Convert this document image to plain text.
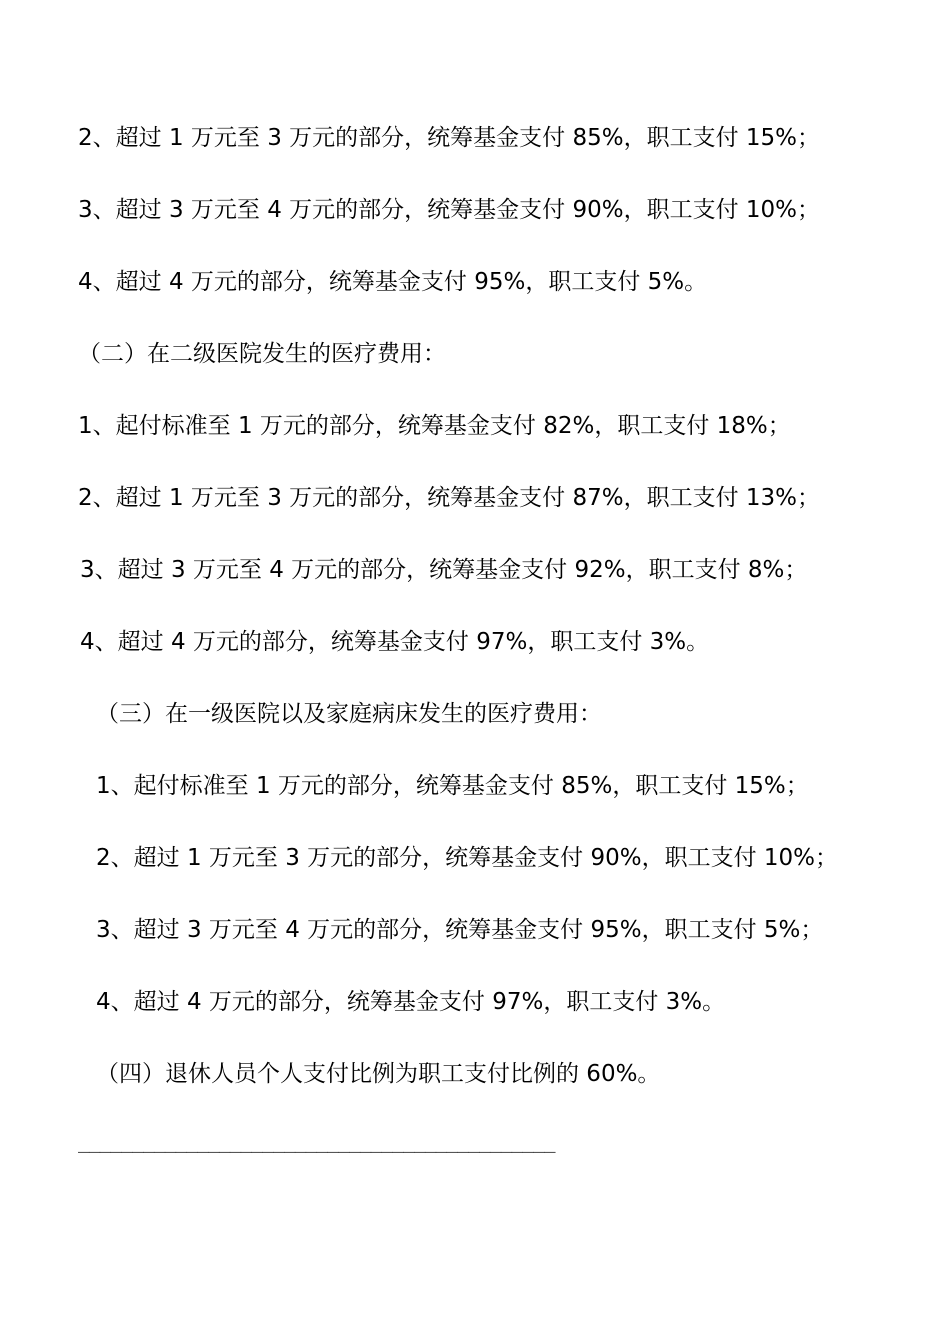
2、超过 1 万元至 3 万元的部分，统筹基金支付 85%，职工支付 15%；
3、超过 3 万元至 4 万元的部分，统筹基金支付 90%，职工支付 10%；
4、超过 4 万元的部分，统筹基金支付 95%，职工支付 5%。
（二）在二级医院发生的医疗费用：
1、起付标准至 1 万元的部分，统筹基金支付 82%，职工支付 18%；
2、超过 1 万元至 3 万元的部分，统筹基金支付 87%，职工支付 13%；
3、超过 3 万元至 4 万元的部分，统筹基金支付 92%，职工支付 8%；
4、超过 4 万元的部分，统筹基金支付 97%，职工支付 3%。
（三）在一级医院以及家庭病床发生的医疗费用：
1、起付标准至 1 万元的部分，统筹基金支付 85%，职工支付 15%；
2、超过 1 万元至 3 万元的部分，统筹基金支付 90%，职工支付 10%；
3、超过 3 万元至 4 万元的部分，统筹基金支付 95%，职工支付 5%；
4、超过 4 万元的部分，统筹基金支付 97%，职工支付 3%。
（四）退休人员个人支付比例为职工支付比例的 60%。
____________________________________________
